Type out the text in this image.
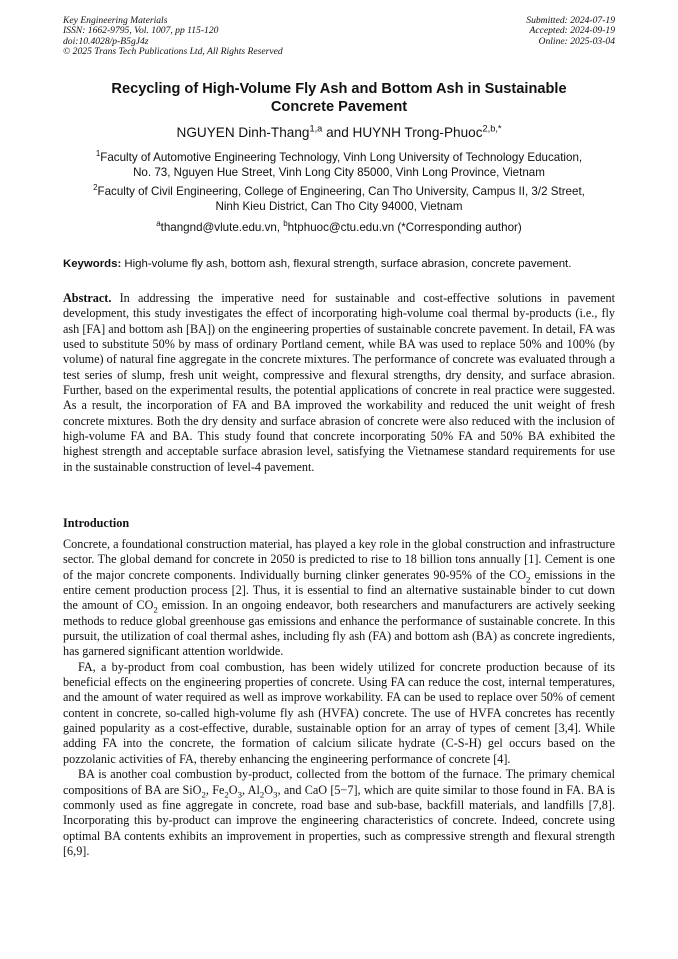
Key Engineering Materials
ISSN: 1662-9795, Vol. 1007, pp 115-120
doi:10.4028/p-B5gJ4z
© 2025 Trans Tech Publications Ltd, All Rights Reserved
Submitted: 2024-07-19
Accepted: 2024-09-19
Online: 2025-03-04
Recycling of High-Volume Fly Ash and Bottom Ash in Sustainable
Concrete Pavement
NGUYEN Dinh-Thang$^{1,a}$ and HUYNH Trong-Phuoc$^{2,b,*}$
$^1$Faculty of Automotive Engineering Technology, Vinh Long University of Technology Education,
No. 73, Nguyen Hue Street, Vinh Long City 85000, Vinh Long Province, Vietnam
$^2$Faculty of Civil Engineering, College of Engineering, Can Tho University, Campus II, 3/2 Street,
Ninh Kieu District, Can Tho City 94000, Vietnam
$^a$thangnd@vlute.edu.vn, $^b$htphuoc@ctu.edu.vn (*Corresponding author)
Keywords: High-volume fly ash, bottom ash, flexural strength, surface abrasion, concrete pavement.
Abstract. In addressing the imperative need for sustainable and cost-effective solutions in pavement development, this study investigates the effect of incorporating high-volume coal thermal by-products (i.e., fly ash [FA] and bottom ash [BA]) on the engineering properties of sustainable concrete pavement. In detail, FA was used to substitute 50% by mass of ordinary Portland cement, while BA was used to replace 50% and 100% (by volume) of natural fine aggregate in the concrete mixtures. The performance of concrete was evaluated through a test series of slump, fresh unit weight, compressive and flexural strengths, dry density, and surface abrasion. Further, based on the experimental results, the potential applications of concrete in real practice were suggested. As a result, the incorporation of FA and BA improved the workability and reduced the unit weight of fresh concrete mixtures. Both the dry density and surface abrasion of concrete were also reduced with the inclusion of high-volume FA and BA. This study found that concrete incorporating 50% FA and 50% BA exhibited the highest strength and acceptable surface abrasion level, satisfying the Vietnamese standard requirements for use in the sustainable construction of level-4 pavement.
Introduction

Concrete, a foundational construction material, has played a key role in the global construction and infrastructure sector. The global demand for concrete in 2050 is predicted to rise to 18 billion tons annually [1]. Cement is one of the major concrete components. Individually burning clinker generates 90-95% of the $CO_2$ emissions in the entire cement production process [2]. Thus, it is essential to find an alternative sustainable binder to cut down the amount of $CO_2$ emission. In an ongoing endeavor, both researchers and manufacturers are actively seeking methods to reduce global greenhouse gas emissions and enhance the performance of sustainable concrete. In this pursuit, the utilization of coal thermal ashes, including fly ash (FA) and bottom ash (BA) as concrete ingredients, has garnered significant attention worldwide.

FA, a by-product from coal combustion, has been widely utilized for concrete production because of its beneficial effects on the engineering properties of concrete. Using FA can reduce the cost, internal temperatures, and the amount of water required as well as improve workability. FA can be used to replace over 50% of cement content in concrete, so-called high-volume fly ash (HVFA) concrete. The use of HVFA concretes has recently gained popularity as a cost-effective, durable, sustainable option for an array of types of cement [3,4]. While adding FA into the concrete, the formation of calcium silicate hydrate (C-S-H) gel occurs based on the pozzolanic activities of FA, thereby enhancing the engineering performance of concrete [4].

BA is another coal combustion by-product, collected from the bottom of the furnace. The primary chemical compositions of BA are SiO$_2$, $Fe_2O_3$, $Al_2O_3$, and CaO [5−7], which are quite similar to those found in FA. BA is commonly used as fine aggregate in concrete, road base and sub-base, backfill materials, and landfills [7,8]. Incorporating this by-product can improve the engineering characteristics of concrete. Indeed, concrete using optimal BA contents exhibits an improvement in properties, such as compressive strength and flexural strength [6,9].
